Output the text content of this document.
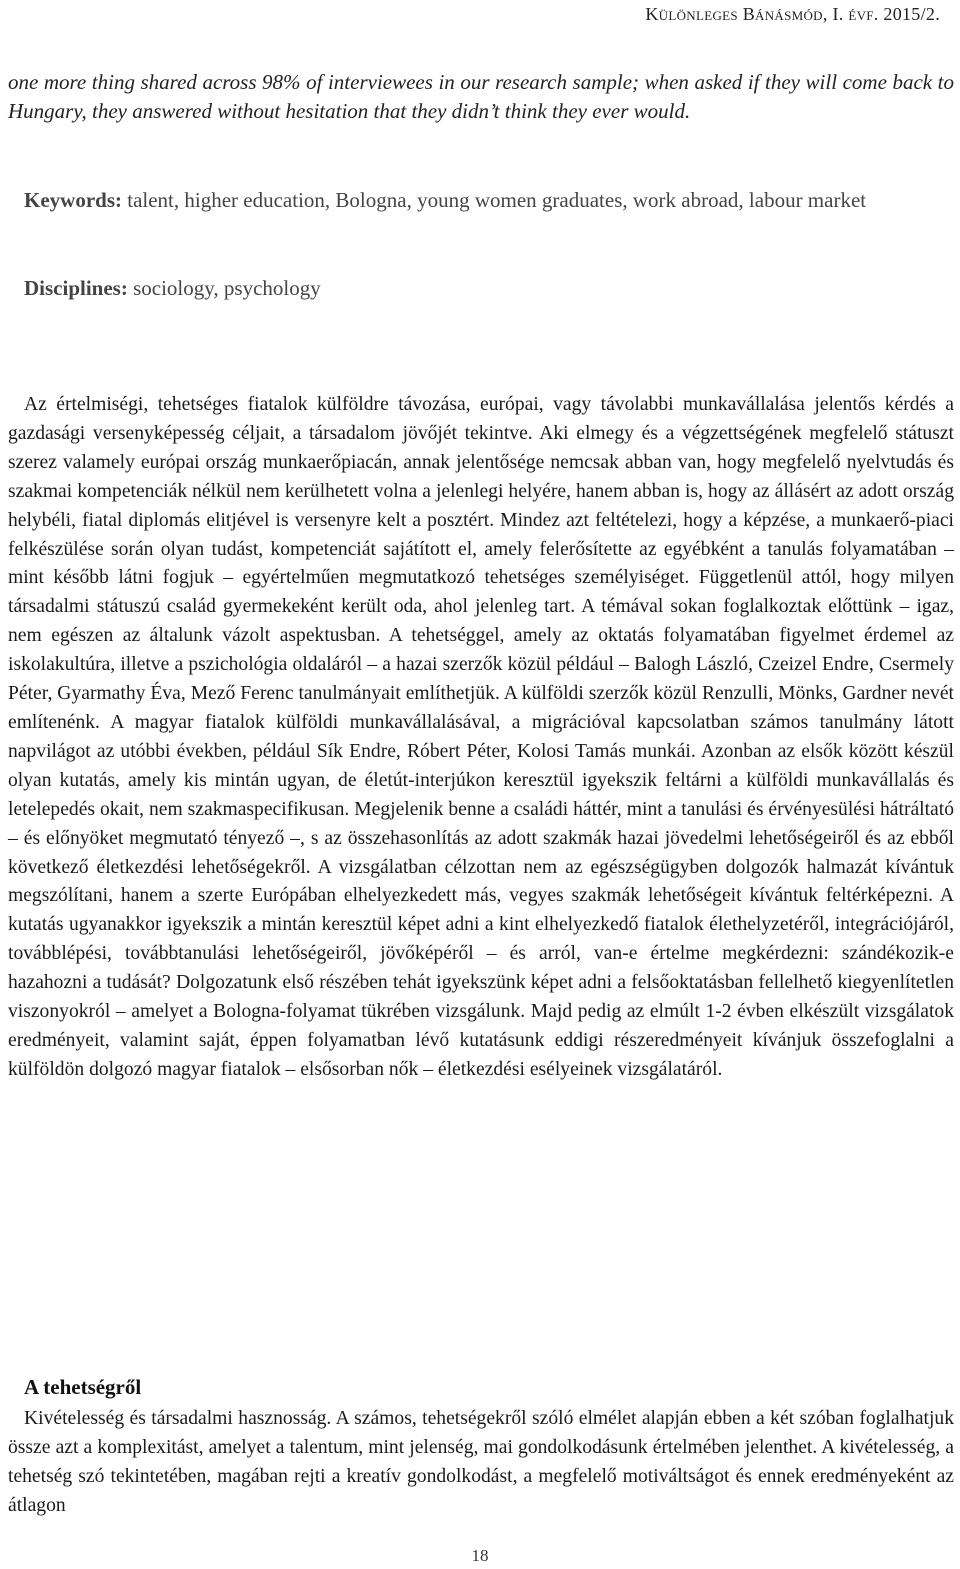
Különleges Bánásmód, I. évf. 2015/2.

one more thing shared across 98% of interviewees in our research sample; when asked if they will come back to Hungary, they answered without hesitation that they didn’t think they ever would.

Keywords: talent, higher education, Bologna, young women graduates, work abroad, labour market

Disciplines: sociology, psychology

Az értelmiségi, tehetséges fiatalok külföldre távozása, európai, vagy távolabbi munkavállalása jelentős kérdés a gazdasági versenyképesség céljait, a társadalom jövőjét tekintve. Aki elmegy és a végzettségének megfelelő státuszt szerez valamely európai ország munkaerőpiacán, annak jelentősége nemcsak abban van, hogy megfelelő nyelvtudás és szakmai kompetenciák nélkül nem kerülhetett volna a jelenlegi helyére, hanem abban is, hogy az állásért az adott ország helybéli, fiatal diplomás elitjével is versenyre kelt a posztért. Mindez azt feltételezi, hogy a képzése, a munkaerő-piaci felkészülése során olyan tudást, kompetenciát sajátított el, amely felerősítette az egyébként a tanulás folyamatában – mint később látni fogjuk – egyértelműen megmutatkozó tehetséges személyiséget. Függetlenül attól, hogy milyen társadalmi státuszú család gyermekeként került oda, ahol jelenleg tart. A témával sokan foglalkoztak előttünk – igaz, nem egészen az általunk vázolt aspektusban. A tehetséggel, amely az oktatás folyamatában figyelmet érdemel az iskolakultúra, illetve a pszichológia oldaláról – a hazai szerzők közül például – Balogh László, Czeizel Endre, Csermely Péter, Gyarmathy Éva, Mező Ferenc tanulmányait említhetjük. A külföldi szerzők közül Renzulli, Mönks, Gardner nevét említenénk. A magyar fiatalok külföldi munkavállalásával, a migrációval kapcsolatban számos tanulmány látott napvilágot az utóbbi években, például Sík Endre, Róbert Péter, Kolosi Tamás munkái. Azonban az elsők között készül olyan kutatás, amely kis mintán ugyan, de életút-interjúkon keresztül igyekszik feltárni a külföldi munkavállalás és letelepedés okait, nem szakmaspecifikusan. Megjelenik benne a családi háttér, mint a tanulási és érvényesülési hátráltató – és előnyöket megmutató tényező –, s az összehasonlítás az adott szakmák hazai jövedelmi lehetőségeiről és az ebből következő életkezdési lehetőségekről. A vizsgálatban célzottan nem az egészségügyben dolgozók halmazát kívántuk megszólítani, hanem a szerte Európában elhelyezkedett más, vegyes szakmák lehetőségeit kívántuk feltérképezni. A kutatás ugyanakkor igyekszik a mintán keresztül képet adni a kint elhelyezkedő fiatalok élethelyzetéről, integrációjáról, továbblépési, továbbtanulási lehetőségeiről, jövőképéről – és arról, van-e értelme megkérdezni: szándékozik-e hazahozni a tudását? Dolgozatunk első részében tehát igyekszünk képet adni a felsőoktatásban fellelhető kiegyenlítetlen viszonyokról – amelyet a Bologna-folyamat tükrében vizsgálunk. Majd pedig az elmúlt 1-2 évben elkészült vizsgálatok eredményeit, valamint saját, éppen folyamatban lévő kutatásunk eddigi részeredményeit kívánjuk összefoglalni a külföldön dolgozó magyar fiatalok – elsősorban nők – életkezdési esélyeinek vizsgálatáról.

A tehetségről

Kivételesség és társadalmi hasznosság. A számos, tehetségekről szóló elmélet alapján ebben a két szóban foglalhatjuk össze azt a komplexitást, amelyet a talentum, mint jelenség, mai gondolkodásunk értelmében jelenthet. A kivételesség, a tehetség szó tekintetében, magában rejti a kreatív gondolkodást, a megfelelő motiváltságot és ennek eredményeként az átlagon

18
